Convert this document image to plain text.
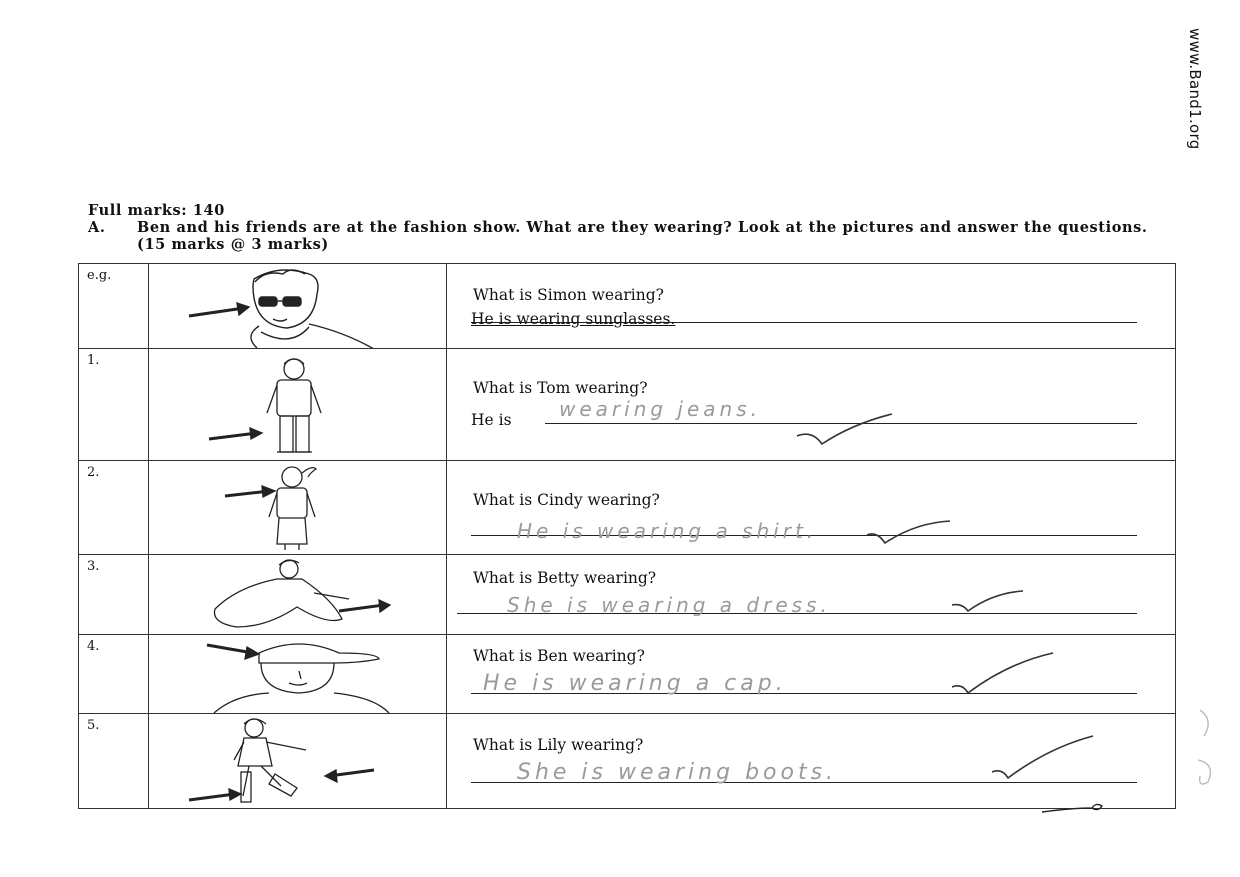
www.Band1.org
Full marks: 140
A.	Ben and his friends are at the fashion show. What are they wearing? Look at the pictures and answer the questions.
(15 marks @ 3 marks)
e.g.		What is Simon wearing?
He is wearing sunglasses.

1.		What is Tom wearing?
He is wearing jeans.

2.		What is Cindy wearing?
He is wearing a shirt.

3.		What is Betty wearing?
She is wearing a dress.

4.		What is Ben wearing?
He is wearing a cap.

5.		What is Lily wearing?
She is wearing boots.
